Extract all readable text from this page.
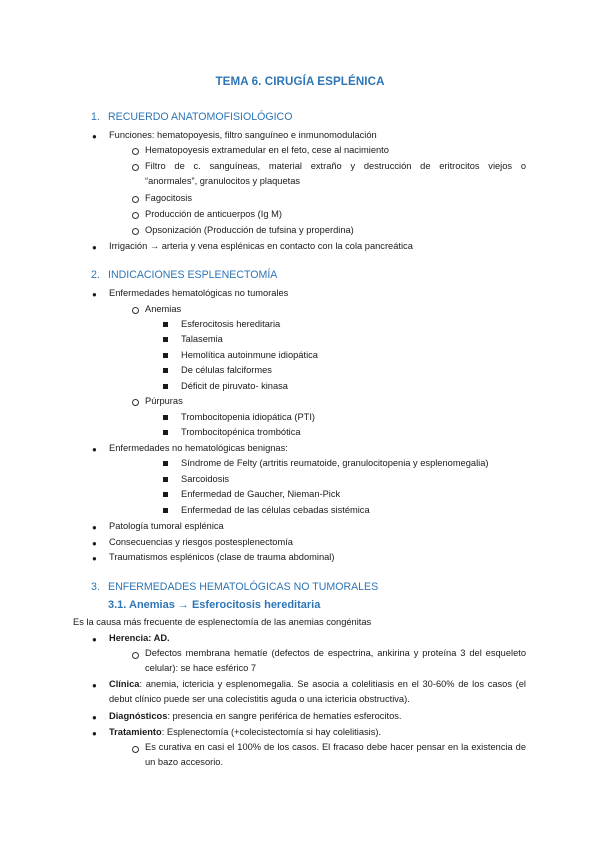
TEMA 6. CIRUGÍA ESPLÉNICA
1. RECUERDO ANATOMOFISIOLÓGICO
● Funciones: hematopoyesis, filtro sanguíneo e inmunomodulación
Hematopoyesis extramedular en el feto, cese al nacimiento
Filtro de c. sanguíneas, material extraño y destrucción de eritrocitos viejos o
“anormales”, granulocitos y plaquetas
Fagocitosis
Producción de anticuerpos (Ig M)
Opsonización (Producción de tufsina y properdina)
● Irrigación → arteria y vena esplénicas en contacto con la cola pancreática
2. INDICACIONES ESPLENECTOMÍA
● Enfermedades hematológicas no tumorales
Anemias
Esferocitosis hereditaria
Talasemia
Hemolítica autoinmune idiopática
De células falciformes
Déficit de piruvato- kinasa
Púrpuras
Trombocitopenia idiopática (PTI)
Trombocitopénica trombótica
● Enfermedades no hematológicas benignas:
Síndrome de Felty (artritis reumatoide, granulocitopenia y esplenomegalia)
Sarcoidosis
Enfermedad de Gaucher, Nieman-Pick
Enfermedad de las células cebadas sistémica
● Patología tumoral esplénica
● Consecuencias y riesgos postesplenectomía
● Traumatismos esplénicos (clase de trauma abdominal)
3. ENFERMEDADES HEMATOLÓGICAS NO TUMORALES
3.1. Anemias → Esferocitosis hereditaria
Es la causa más frecuente de esplenectomía de las anemias congénitas
● Herencia: AD.
Defectos membrana hematíe (defectos de espectrina, ankirina y proteína 3 del esqueleto celular): se hace esférico 7
● Clínica: anemia, ictericia y esplenomegalia. Se asocia a colelitiasis en el 30-60% de los casos (el debut clínico puede ser una colecistitis aguda o una ictericia obstructiva).
● Diagnósticos: presencia en sangre periférica de hematíes esferocitos.
● Tratamiento: Esplenectomía (+colecistectomía si hay colelitiasis).
Es curativa en casi el 100% de los casos. El fracaso debe hacer pensar en la existencia de un bazo accesorio.
